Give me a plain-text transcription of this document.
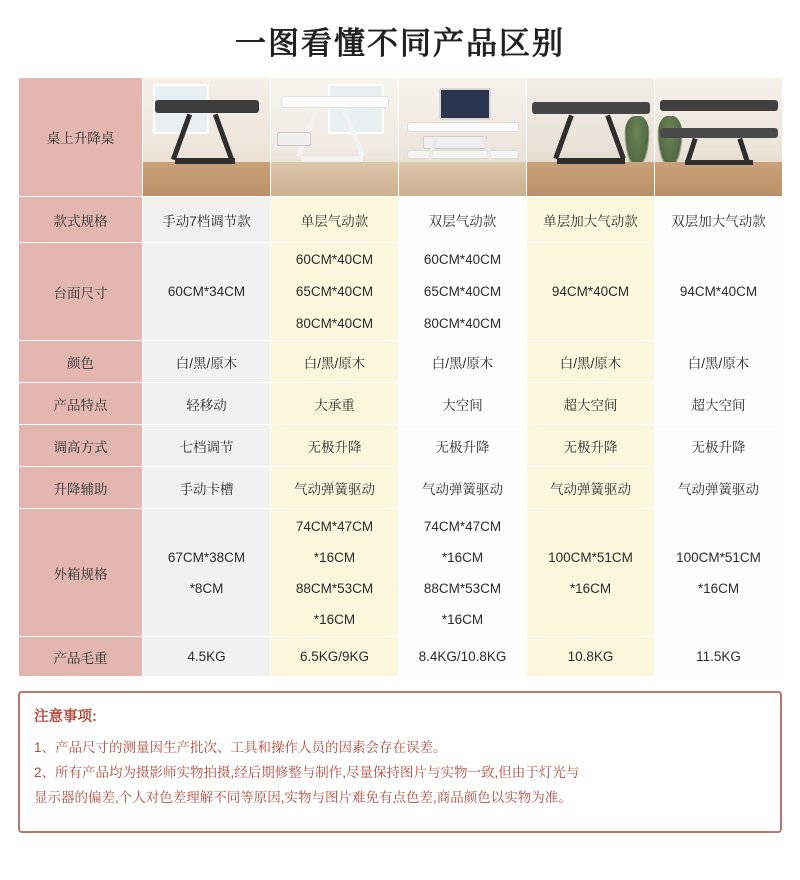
一图看懂不同产品区别
桌上升降桌	

款式规格	手动7档调节款	单层气动款	双层气动款	单层加大气动款	双层加大气动款
台面尺寸	60CM*34CM	60CM*40CM
65CM*40CM
80CM*40CM	60CM*40CM
65CM*40CM
80CM*40CM	94CM*40CM	94CM*40CM

颜色	白/黑/原木	白/黑/原木	白/黑/原木	白/黑/原木	白/黑/原木
产品特点	轻移动	大承重	大空间	超大空间	超大空间
调高方式	七档调节	无极升降	无极升降	无极升降	无极升降
升降辅助	手动卡槽	气动弹簧驱动	气动弹簧驱动	气动弹簧驱动	气动弹簧驱动
外箱规格	67CM*38CM
*8CM	74CM*47CM
*16CM
88CM*53CM
*16CM	74CM*47CM
*16CM
88CM*53CM
*16CM	100CM*51CM
*16CM	100CM*51CM
*16CM

产品毛重	4.5KG	6.5KG/9KG	8.4KG/10.8KG	10.8KG	11.5KG
注意事项:
1、产品尺寸的测量因生产批次、工具和操作人员的因素会存在误差。
2、所有产品均为摄影师实物拍摄,经后期修整与制作,尽量保持图片与实物一致,但由于灯光与
显示器的偏差,个人对色差理解不同等原因,实物与图片难免有点色差,商品颜色以实物为准。
